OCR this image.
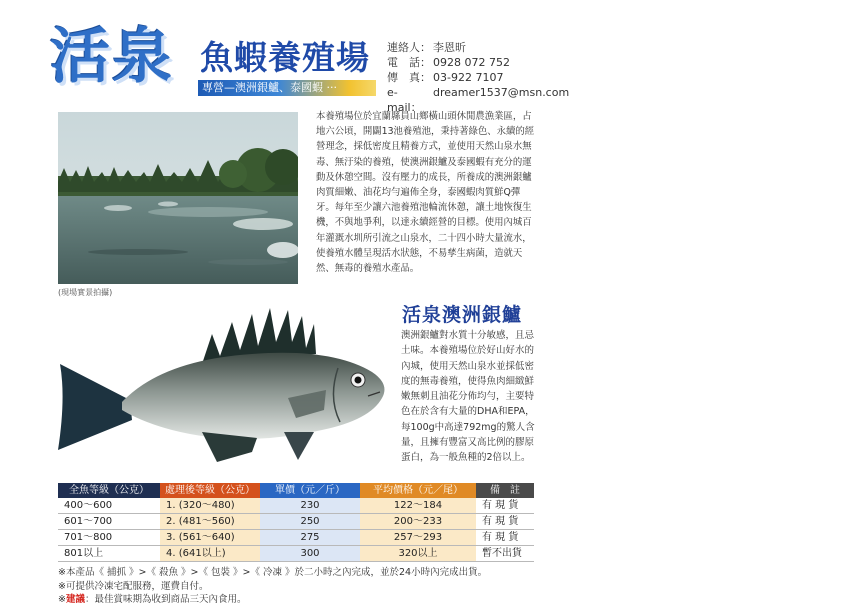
活泉 魚蝦養殖場
專營—澳洲銀鱸、泰國蝦 ‧‧‧
連絡人： 李恩昕
電　話： 0928 072 752
傳　真： 03-922 7107
e-mail：
dreamer1537@msn.com
(現場實景拍攝)
本養殖場位於宜蘭縣員山鄉橫山頭休閒農漁業區，占地六公頃，開闢13池養殖池，秉持著綠色、永續的經營理念，採低密度且精養方式，並使用天然山泉水無毒、無汙染的養殖，使澳洲銀鱸及泰國蝦有充分的運動及休憩空間。沒有壓力的成長，所養成的澳洲銀鱸肉質細嫩、油花均勻遍佈全身，泰國蝦肉質鮮Q彈牙。每年至少讓六池養殖池輪流休憩，讓土地恢復生機，不與地爭利，以達永續經營的目標。使用內城百年灌溉水圳所引流之山泉水，二十四小時大量流水，使養殖水體呈現活水狀態，不易孳生病菌，造就天然、無毒的養殖水產品。
活泉澳洲銀鱸
澳洲銀鱸對水質十分敏感，且忌土味。本養殖場位於好山好水的內城，使用天然山泉水並採低密度的無毒養殖，使得魚肉細緻鮮嫩無刺且油花分佈均勻，主要特色在於含有大量的DHA和EPA，每100g中高達792mg的驚人含量，且擁有豐富又高比例的膠原蛋白，為一般魚種的2倍以上。
全魚等級（公克）	處理後等級（公克）	單價（元／斤）	平均價格（元／尾）	備　註
400～600	1. (320～480)	230	122～184	有 現 貨
601～700	2. (481～560)	250	200～233	有 現 貨
701～800	3. (561～640)	275	257～293	有 現 貨
801以上	4. (641以上)	300	320以上	暫不出貨
※本產品《 捕抓 》>《 殺魚 》>《 包裝 》>《 冷凍 》於二小時之內完成，並於24小時內完成出貨。
※可提供冷凍宅配服務，運費自付。
※建議：最佳賞味期為收到商品三天內食用。
